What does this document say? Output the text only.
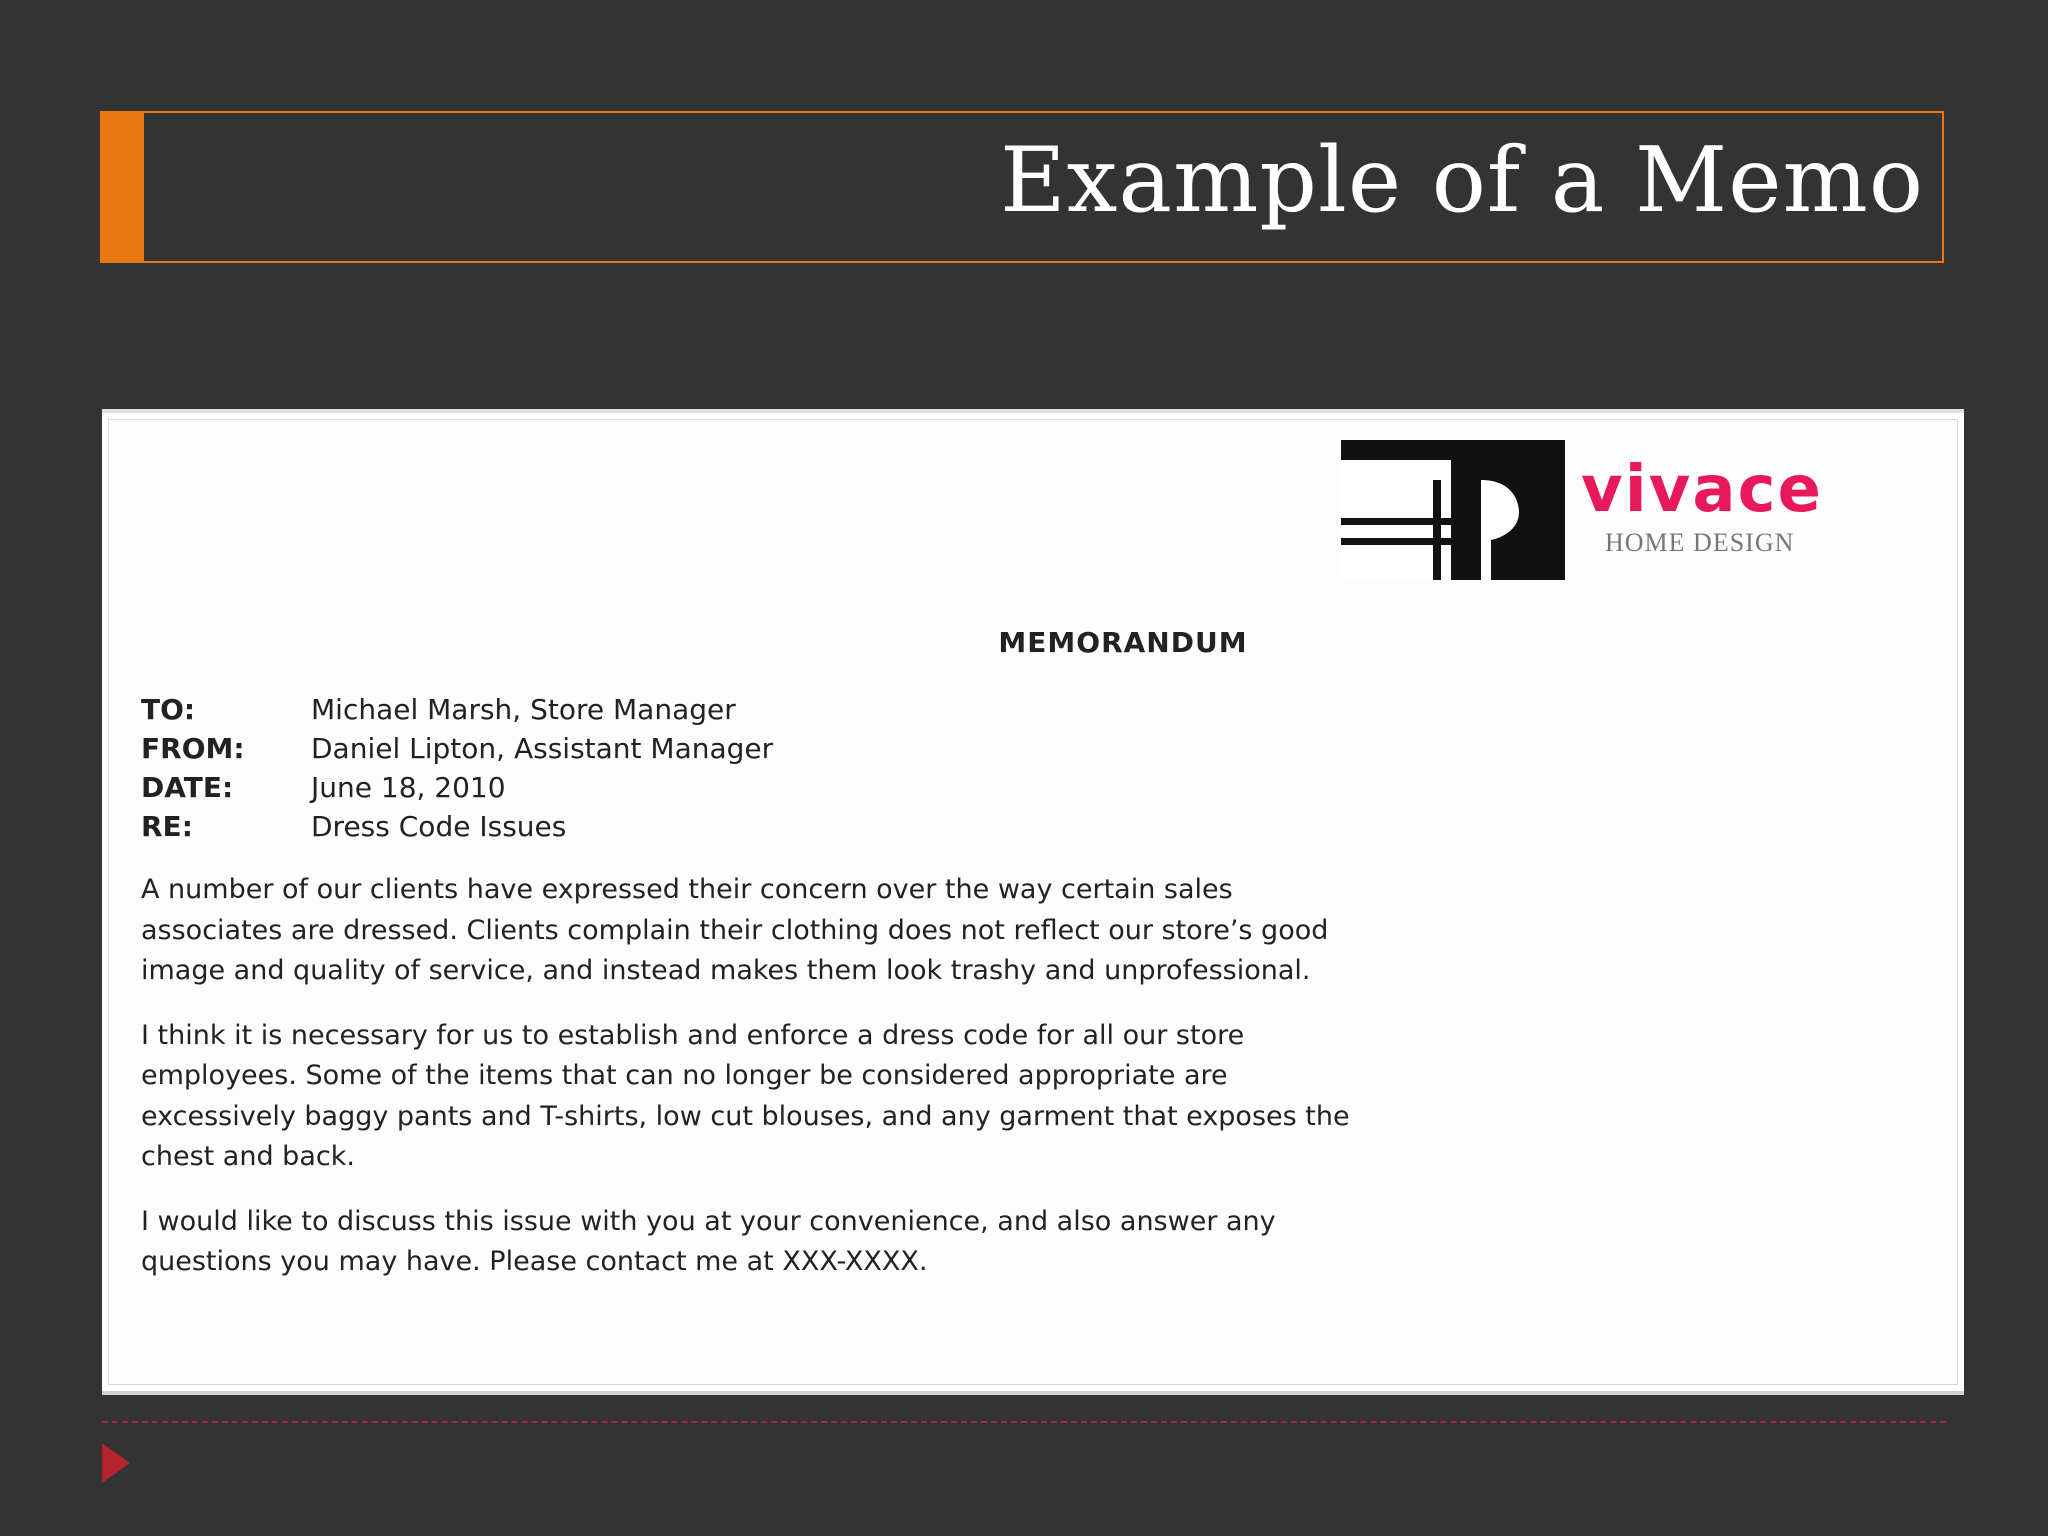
Example of a Memo
vivace
HOME DESIGN
MEMORANDUM
TO:	Michael Marsh, Store Manager
FROM:	Daniel Lipton, Assistant Manager
DATE:	June 18, 2010
RE:	Dress Code Issues

A number of our clients have expressed their concern over the way certain sales
associates are dressed. Clients complain their clothing does not reflect our store’s good
image and quality of service, and instead makes them look trashy and unprofessional.

I think it is necessary for us to establish and enforce a dress code for all our store
employees. Some of the items that can no longer be considered appropriate are
excessively baggy pants and T-shirts, low cut blouses, and any garment that exposes the
chest and back.

I would like to discuss this issue with you at your convenience, and also answer any
questions you may have. Please contact me at XXX-XXXX.
